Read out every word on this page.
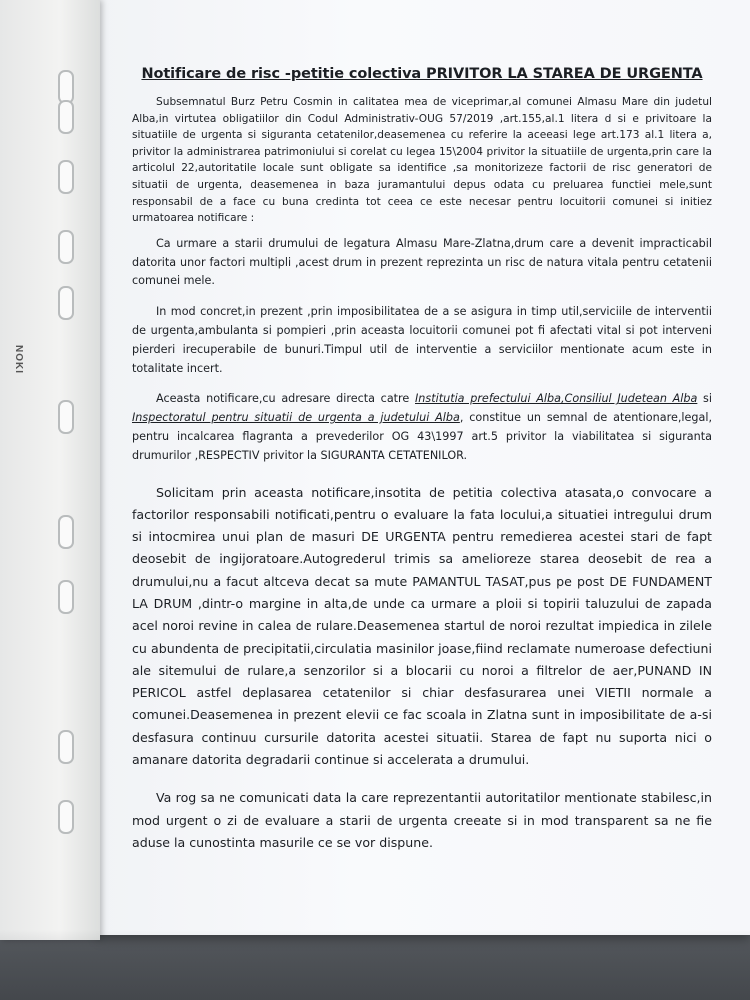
NOKI
Notificare de risc -petitie colectiva PRIVITOR LA STAREA DE URGENTA

Subsemnatul Burz Petru Cosmin in calitatea mea de viceprimar,al comunei Almasu Mare din judetul Alba,in virtutea obligatiilor din Codul Administrativ-OUG 57/2019 ,art.155,al.1 litera d si e privitoare la situatiile de urgenta si siguranta cetatenilor,deasemenea cu referire la aceeasi lege art.173 al.1 litera a, privitor la administrarea patrimoniului si corelat cu legea 15\2004 privitor la situatiile de urgenta,prin care la articolul 22,autoritatile locale sunt obligate sa identifice ,sa monitorizeze factorii de risc generatori de situatii de urgenta, deasemenea in baza juramantului depus odata cu preluarea functiei mele,sunt responsabil de a face cu buna credinta tot ceea ce este necesar pentru locuitorii comunei si initiez urmatoarea notificare :

Ca urmare a starii drumului de legatura Almasu Mare-Zlatna,drum care a devenit impracticabil datorita unor factori multipli ,acest drum in prezent reprezinta un risc de natura vitala pentru cetatenii comunei mele.

In mod concret,in prezent ,prin imposibilitatea de a se asigura in timp util,serviciile de interventii de urgenta,ambulanta si pompieri ,prin aceasta locuitorii comunei pot fi afectati vital si pot interveni pierderi irecuperabile de bunuri.Timpul util de interventie a serviciilor mentionate acum este in totalitate incert.

Aceasta notificare,cu adresare directa catre Institutia prefectului Alba,Consiliul Judetean Alba si Inspectoratul pentru situatii de urgenta a judetului Alba, constitue un semnal de atentionare,legal, pentru incalcarea flagranta a prevederilor OG 43\1997 art.5 privitor la viabilitatea si siguranta drumurilor ,RESPECTIV privitor la SIGURANTA CETATENILOR.

Solicitam prin aceasta notificare,insotita de petitia colectiva atasata,o convocare a factorilor responsabili notificati,pentru o evaluare la fata locului,a situatiei intregului drum si intocmirea unui plan de masuri DE URGENTA pentru remedierea acestei stari de fapt deosebit de ingijoratoare.Autogrederul trimis sa amelioreze starea deosebit de rea a drumului,nu a facut altceva decat sa mute PAMANTUL TASAT,pus pe post DE FUNDAMENT LA DRUM ,dintr-o margine in alta,de unde ca urmare a ploii si topirii taluzului de zapada acel noroi revine in calea de rulare.Deasemenea startul de noroi rezultat impiedica in zilele cu abundenta de precipitatii,circulatia masinilor joase,fiind reclamate numeroase defectiuni ale sitemului de rulare,a senzorilor si a blocarii cu noroi a filtrelor de aer,PUNAND IN PERICOL astfel deplasarea cetatenilor si chiar desfasurarea unei VIETII normale a comunei.Deasemenea in prezent elevii ce fac scoala in Zlatna sunt in imposibilitate de a-si desfasura continuu cursurile datorita acestei situatii. Starea de fapt nu suporta nici o amanare datorita degradarii continue si accelerata a drumului.

Va rog sa ne comunicati data la care reprezentantii autoritatilor mentionate stabilesc,in mod urgent o zi de evaluare a starii de urgenta creeate si in mod transparent sa ne fie aduse la cunostinta masurile ce se vor dispune.
